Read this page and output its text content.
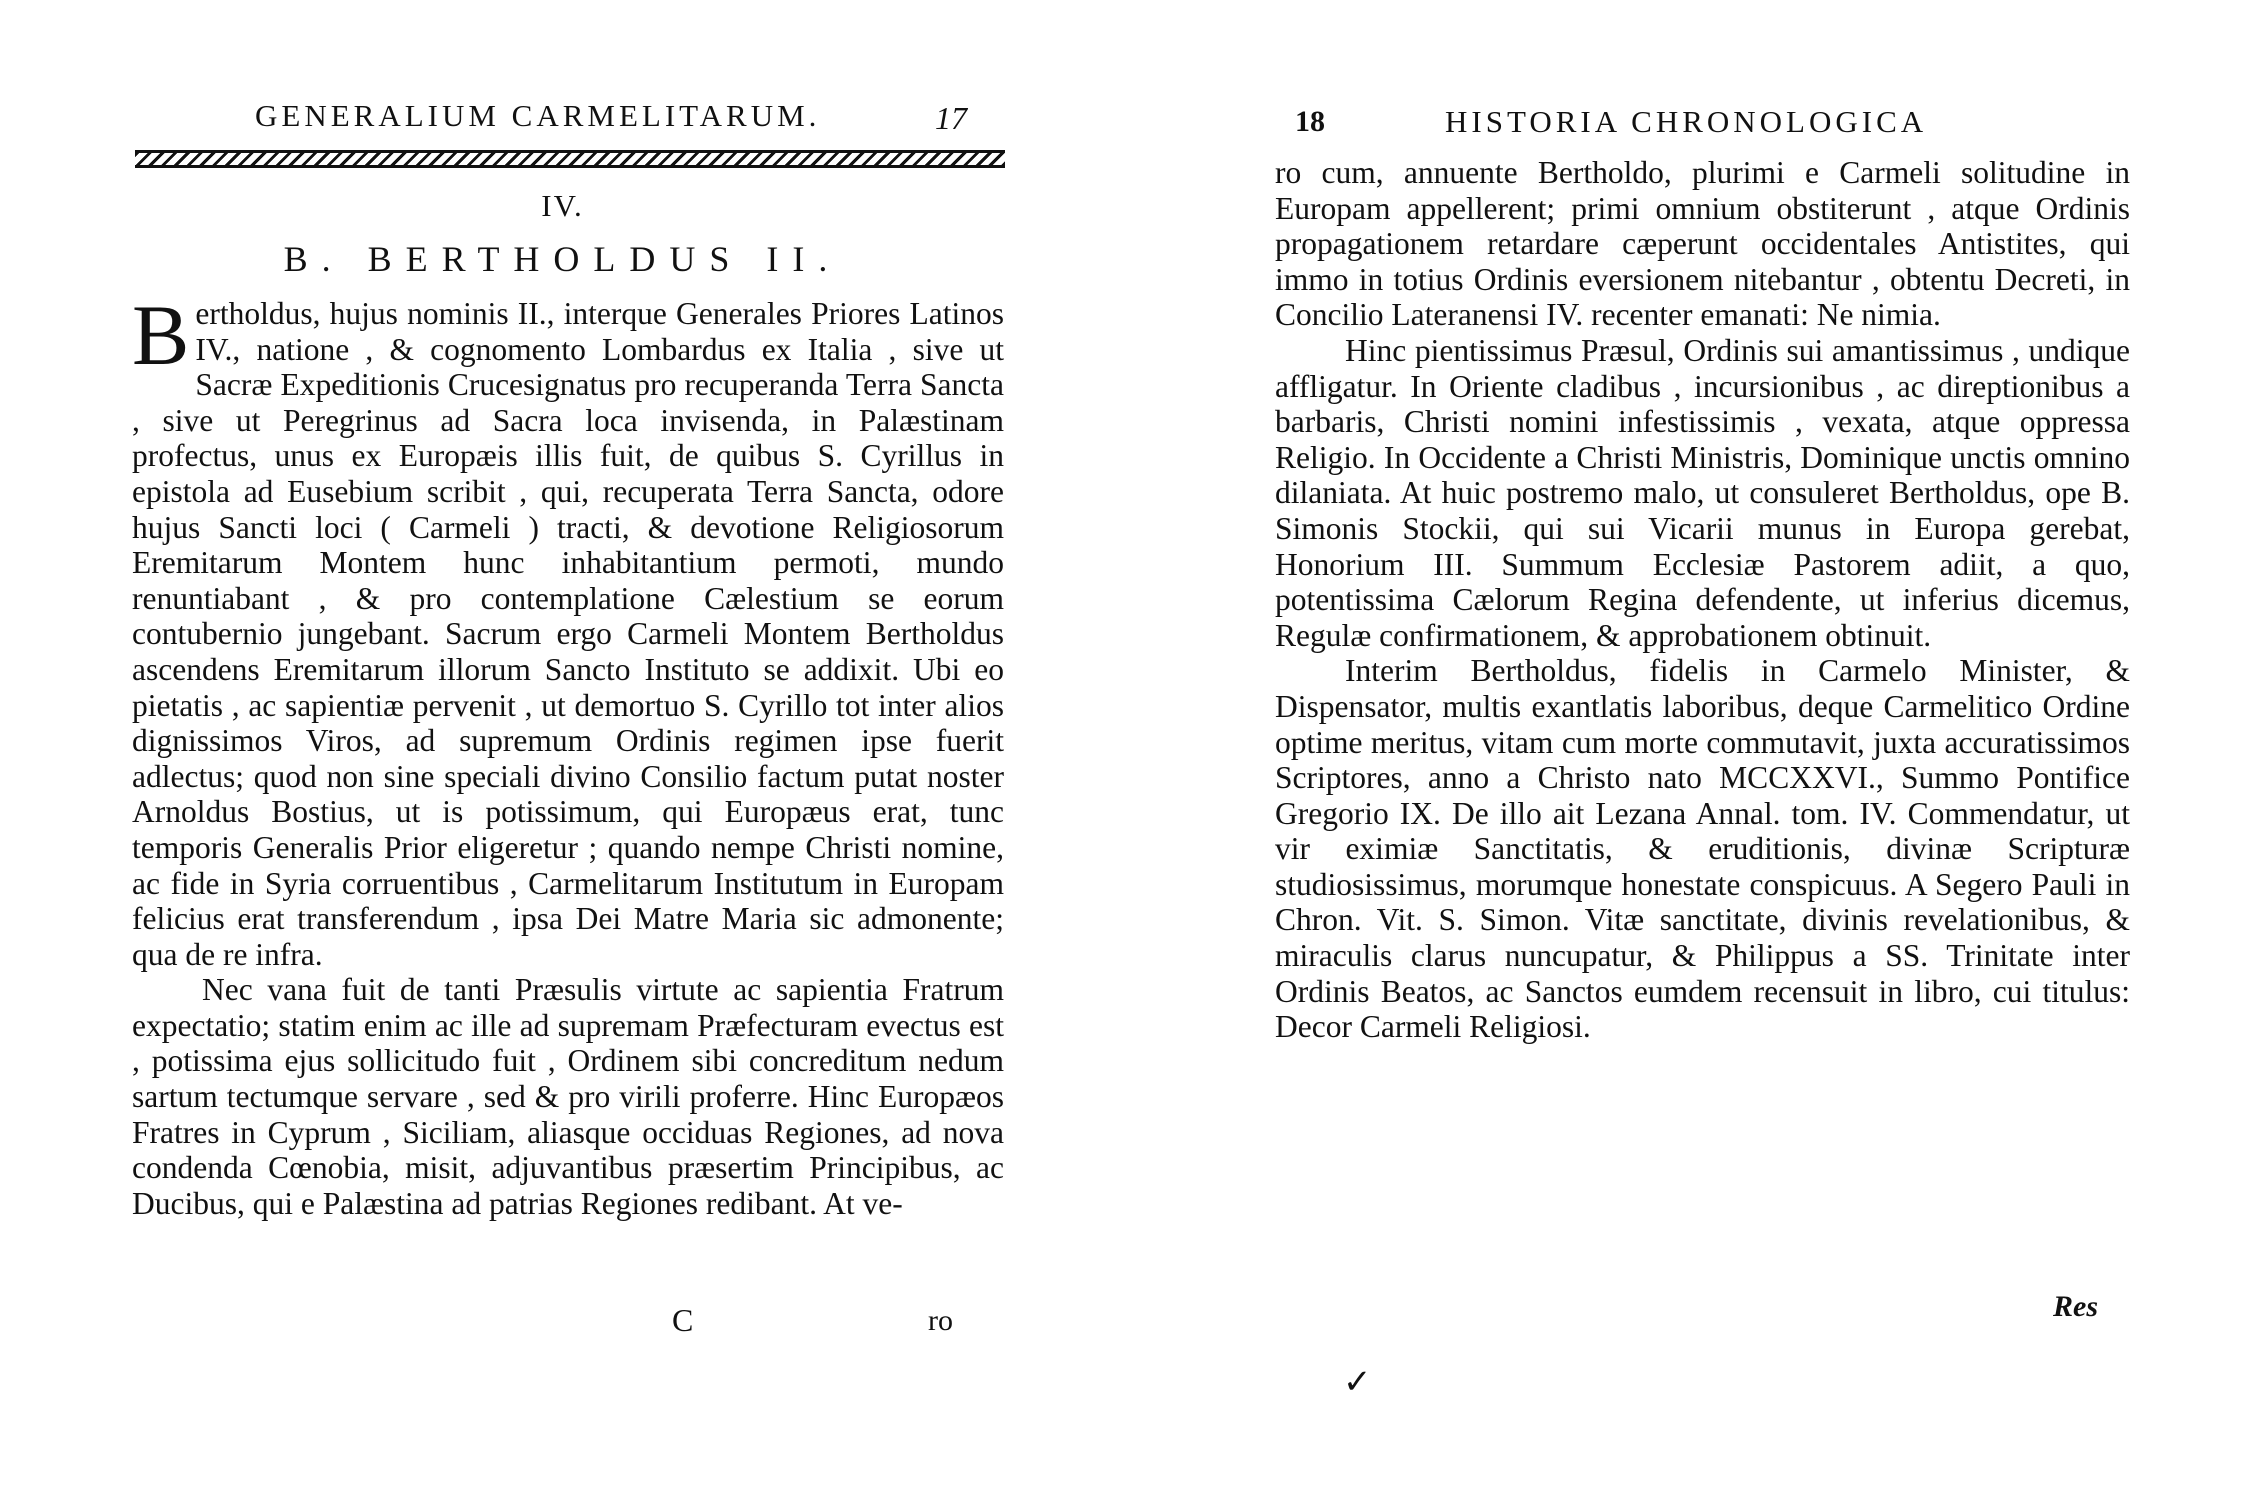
GENERALIUM CARMELITARUM.	17
IV.
B. BERTHOLDUS II.

Bertholdus, hujus nominis II., interque Generales Priores Latinos IV., natione , & cognomento Lombardus ex Italia , sive ut Sacræ Expeditionis Crucesignatus pro recuperanda Terra Sancta , sive ut Peregrinus ad Sacra loca invisenda, in Palæstinam profectus, unus ex Europæis illis fuit, de quibus S. Cyrillus in epistola ad Eusebium scribit , qui, recuperata Terra Sancta, odore hujus Sancti loci ( Carmeli ) tracti, & devotione Religiosorum Eremitarum Montem hunc inhabitantium permoti, mundo renuntiabant , & pro contemplatione Cælestium se eorum contubernio jungebant. Sacrum ergo Carmeli Montem Bertholdus ascendens Eremitarum illorum Sancto Instituto se addixit. Ubi eo pietatis , ac sapientiæ pervenit , ut demortuo S. Cyrillo tot inter alios dignissimos Viros, ad supremum Ordinis regimen ipse fuerit adlectus; quod non sine speciali divino Consilio factum putat noster Arnoldus Bostius, ut is potissimum, qui Europæus erat, tunc temporis Generalis Prior eligeretur ; quando nempe Christi nomine, ac fide in Syria corruentibus , Carmelitarum Institutum in Europam felicius erat transferendum , ipsa Dei Matre Maria sic admonente; qua de re infra.

Nec vana fuit de tanti Præsulis virtute ac sapientia Fratrum expectatio; statim enim ac ille ad supremam Præfecturam evectus est , potissima ejus sollicitudo fuit , Ordinem sibi concreditum nedum sartum tectumque servare , sed & pro virili proferre. Hinc Europæos Fratres in Cyprum , Siciliam, aliasque occiduas Regiones, ad nova condenda Cœnobia, misit, adjuvantibus præsertim Principibus, ac Ducibus, qui e Palæstina ad patrias Regiones redibant. At ve-

C	ro
18	HISTORIA CHRONOLOGICA

ro cum, annuente Bertholdo, plurimi e Carmeli solitudine in Europam appellerent; primi omnium obstiterunt , atque Ordinis propagationem retardare cæperunt occidentales Antistites, qui immo in totius Ordinis eversionem nitebantur , obtentu Decreti, in Concilio Lateranensi IV. recenter emanati: Ne nimia.

Hinc pientissimus Præsul, Ordinis sui amantissimus , undique affligatur. In Oriente cladibus , incursionibus , ac direptionibus a barbaris, Christi nomini infestissimis , vexata, atque oppressa Religio. In Occidente a Christi Ministris, Dominique unctis omnino dilaniata. At huic postremo malo, ut consuleret Bertholdus, ope B. Simonis Stockii, qui sui Vicarii munus in Europa gerebat, Honorium III. Summum Ecclesiæ Pastorem adiit, a quo, potentissima Cælorum Regina defendente, ut inferius dicemus, Regulæ confirmationem, & approbationem obtinuit.

Interim Bertholdus, fidelis in Carmelo Minister, & Dispensator, multis exantlatis laboribus, deque Carmelitico Ordine optime meritus, vitam cum morte commutavit, juxta accuratissimos Scriptores, anno a Christo nato MCCXXVI., Summo Pontifice Gregorio IX. De illo ait Lezana Annal. tom. IV. Commendatur, ut vir eximiæ Sanctitatis, & eruditionis, divinæ Scripturæ studiosissimus, morumque honestate conspicuus. A Segero Pauli in Chron. Vit. S. Simon. Vitæ sanctitate, divinis revelationibus, & miraculis clarus nuncupatur, & Philippus a SS. Trinitate inter Ordinis Beatos, ac Sanctos eumdem recensuit in libro, cui titulus: Decor Carmeli Religiosi.

Res
✓
